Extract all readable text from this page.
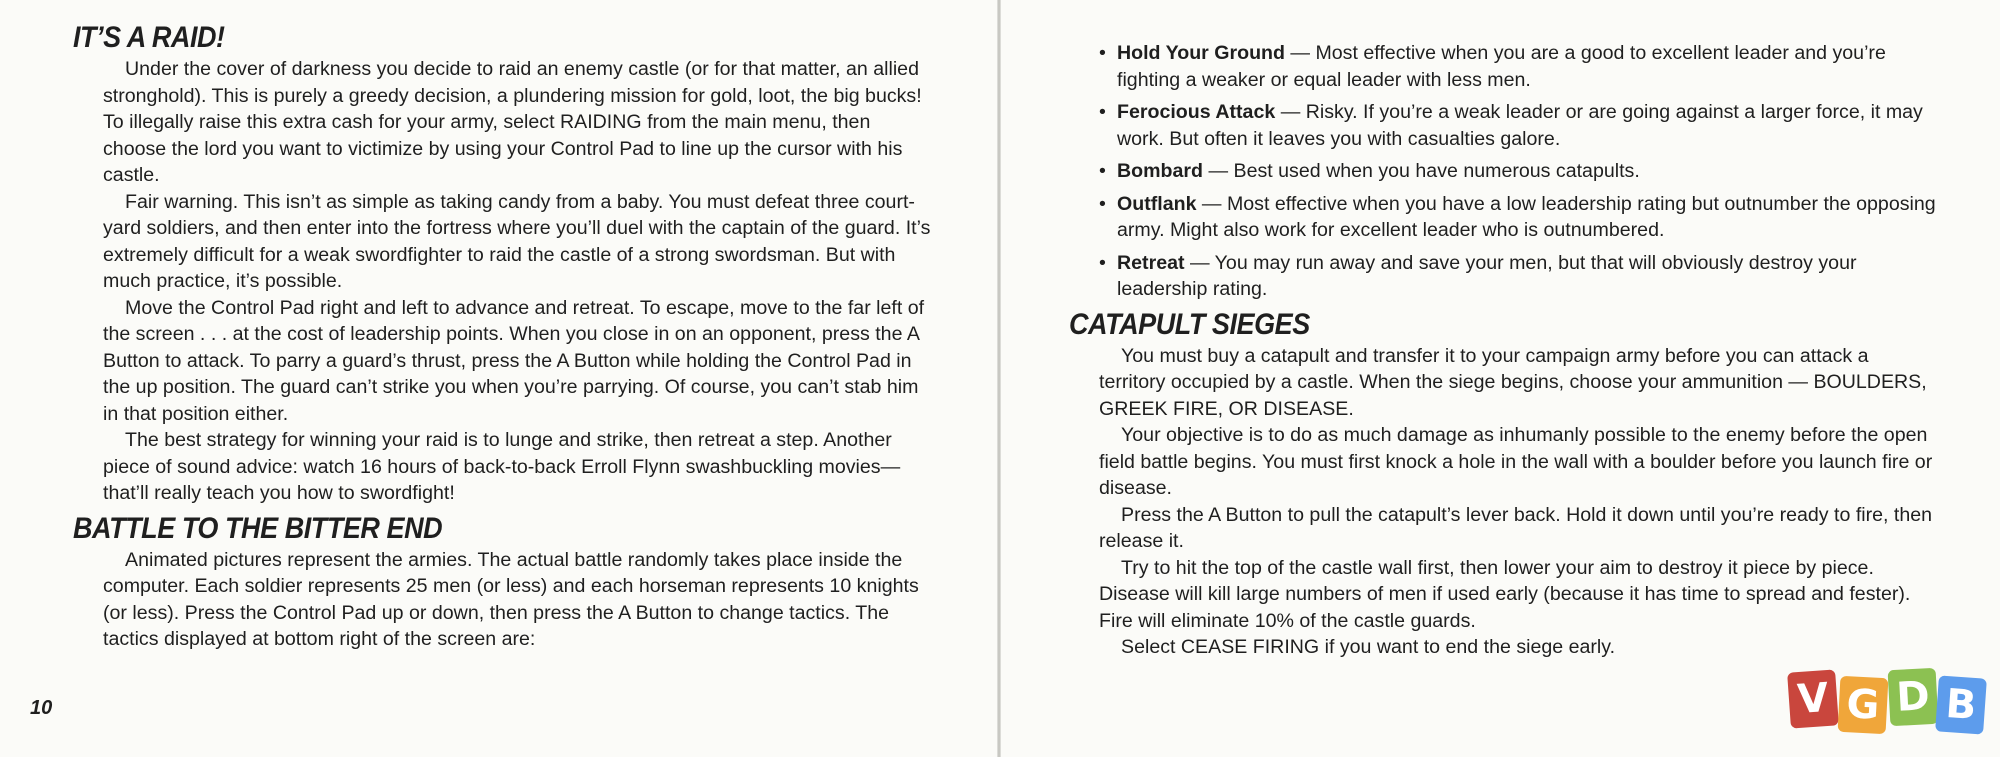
IT’S A RAID!

Under the cover of darkness you decide to raid an enemy castle (or for that matter, an allied stronghold). This is purely a greedy decision, a plundering mission for gold, loot, the big bucks! To illegally raise this extra cash for your army, select RAIDING from the main menu, then choose the lord you want to victimize by using your Control Pad to line up the cursor with his castle.

Fair warning. This isn’t as simple as taking candy from a baby. You must defeat three court-yard soldiers, and then enter into the fortress where you’ll duel with the captain of the guard. It’s extremely difficult for a weak swordfighter to raid the castle of a strong swordsman. But with much practice, it’s possible.

Move the Control Pad right and left to advance and retreat. To escape, move to the far left of the screen . . . at the cost of leadership points. When you close in on an opponent, press the A Button to attack. To parry a guard’s thrust, press the A Button while holding the Control Pad in the up position. The guard can’t strike you when you’re parrying. Of course, you can’t stab him in that position either.

The best strategy for winning your raid is to lunge and strike, then retreat a step. Another piece of sound advice: watch 16 hours of back-to-back Erroll Flynn swashbuckling movies—that’ll really teach you how to swordfight!

BATTLE TO THE BITTER END

Animated pictures represent the armies. The actual battle randomly takes place inside the computer. Each soldier represents 25 men (or less) and each horseman represents 10 knights (or less). Press the Control Pad up or down, then press the A Button to change tactics. The tactics displayed at bottom right of the screen are:

10
• Hold Your Ground — Most effective when you are a good to excellent leader and you’re fighting a weaker or equal leader with less men.
• Ferocious Attack — Risky. If you’re a weak leader or are going against a larger force, it may work. But often it leaves you with casualties galore.
• Bombard — Best used when you have numerous catapults.
• Outflank — Most effective when you have a low leadership rating but outnumber the opposing army. Might also work for excellent leader who is outnumbered.
• Retreat — You may run away and save your men, but that will obviously destroy your leadership rating.
CATAPULT SIEGES

You must buy a catapult and transfer it to your campaign army before you can attack a territory occupied by a castle. When the siege begins, choose your ammunition — BOULDERS, GREEK FIRE, OR DISEASE.

Your objective is to do as much damage as inhumanly possible to the enemy before the open field battle begins. You must first knock a hole in the wall with a boulder before you launch fire or disease.

Press the A Button to pull the catapult’s lever back. Hold it down until you’re ready to fire, then release it.

Try to hit the top of the castle wall first, then lower your aim to destroy it piece by piece. Disease will kill large numbers of men if used early (because it has time to spread and fester). Fire will eliminate 10% of the castle guards.

Select CEASE FIRING if you want to end the siege early.

V G D B
